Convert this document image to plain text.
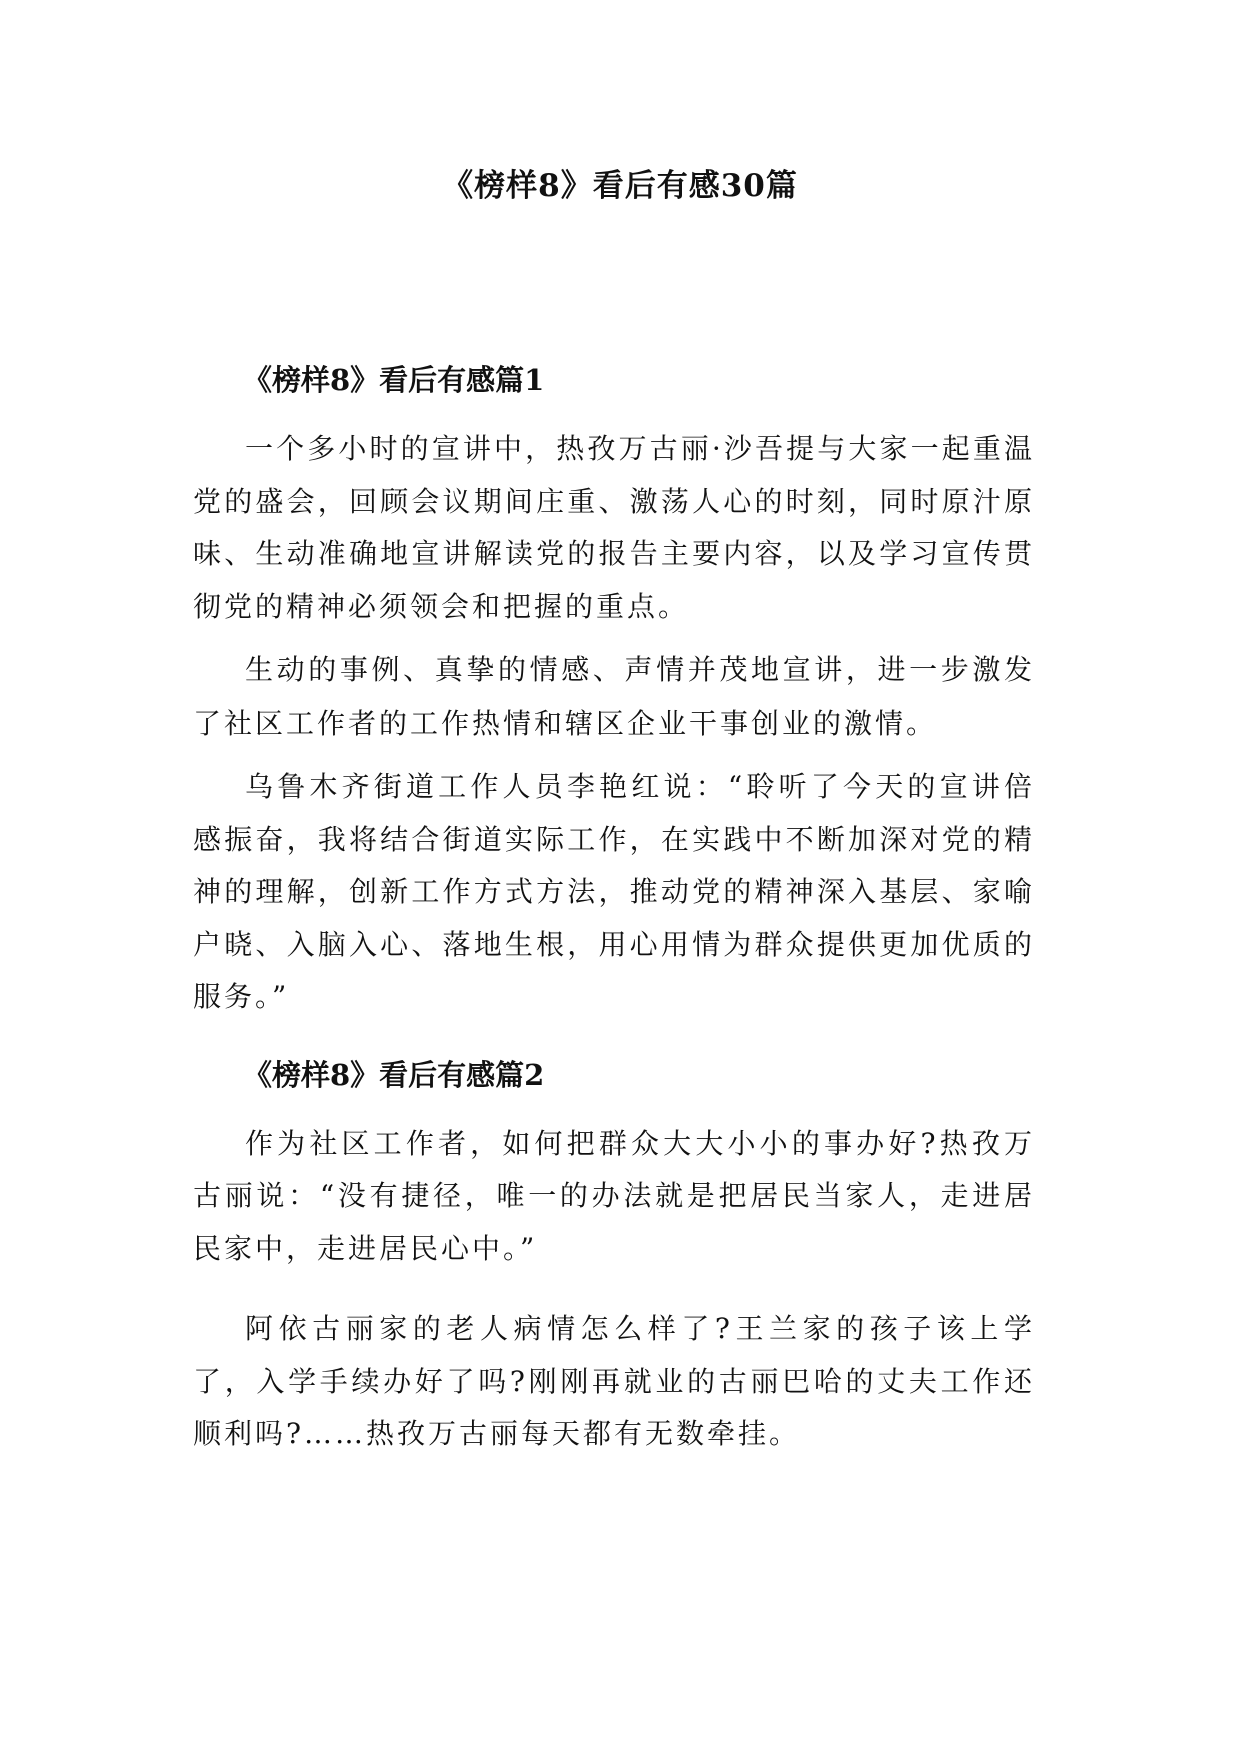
《榜样8》看后有感30篇
《榜样8》看后有感篇1

一个多小时的宣讲中，热孜万古丽·沙吾提与大家一起重温党的盛会，回顾会议期间庄重、激荡人心的时刻，同时原汁原味、生动准确地宣讲解读党的报告主要内容，以及学习宣传贯彻党的精神必须领会和把握的重点。

生动的事例、真挚的情感、声情并茂地宣讲，进一步激发了社区工作者的工作热情和辖区企业干事创业的激情。

乌鲁木齐街道工作人员李艳红说：“聆听了今天的宣讲倍感振奋，我将结合街道实际工作，在实践中不断加深对党的精神的理解，创新工作方式方法，推动党的精神深入基层、家喻户晓、入脑入心、落地生根，用心用情为群众提供更加优质的服务。”

《榜样8》看后有感篇2

作为社区工作者，如何把群众大大小小的事办好?热孜万古丽说：“没有捷径，唯一的办法就是把居民当家人，走进居民家中，走进居民心中。”

阿依古丽家的老人病情怎么样了?王兰家的孩子该上学了，入学手续办好了吗?刚刚再就业的古丽巴哈的丈夫工作还顺利吗?……热孜万古丽每天都有无数牵挂。
